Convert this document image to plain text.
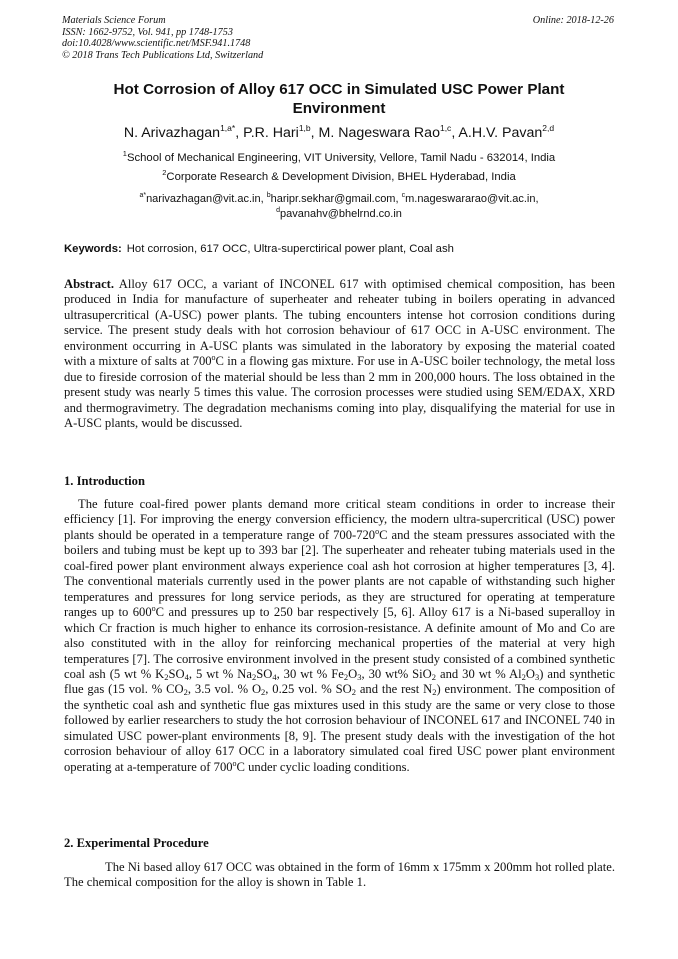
Materials Science Forum
ISSN: 1662-9752, Vol. 941, pp 1748-1753
doi:10.4028/www.scientific.net/MSF.941.1748
© 2018 Trans Tech Publications Ltd, Switzerland
Online: 2018-12-26
Hot Corrosion of Alloy 617 OCC in Simulated USC Power Plant Environment
N. Arivazhagan$^{1,a*}$, P.R. Hari$^{1,b}$, M. Nageswara Rao$^{1,c}$, A.H.V. Pavan$^{2,d}$
$^1$School of Mechanical Engineering, VIT University, Vellore, Tamil Nadu - 632014, India
$^2$Corporate Research & Development Division, BHEL Hyderabad, India
$^{a*}$narivazhagan@vit.ac.in, $^b$haripr.sekhar@gmail.com, $^c$m.nageswararao@vit.ac.in,
$^d$pavanahv@bhelrnd.co.in
Keywords: Hot corrosion, 617 OCC, Ultra-superctirical power plant, Coal ash

Abstract. Alloy 617 OCC, a variant of INCONEL 617 with optimised chemical composition, has been produced in India for manufacture of superheater and reheater tubing in boilers operating in advanced ultrasupercritical (A-USC) power plants. The tubing encounters intense hot corrosion conditions during service. The present study deals with hot corrosion behaviour of 617 OCC in A-USC environment. The environment occurring in A-USC plants was simulated in the laboratory by exposing the material coated with a mixture of salts at 700$^o$C in a flowing gas mixture. For use in A-USC boiler technology, the metal loss due to fireside corrosion of the material should be less than 2 mm in 200,000 hours. The loss obtained in the present study was nearly 5 times this value. The corrosion processes were studied using SEM/EDAX, XRD and thermogravimetry. The degradation mechanisms coming into play, disqualifying the material for use in A-USC plants, would be discussed.

1. Introduction

The future coal-fired power plants demand more critical steam conditions in order to increase their efficiency [1]. For improving the energy conversion efficiency, the modern ultra-supercritical (USC) power plants should be operated in a temperature range of 700-720$^o$C and the steam pressures associated with the boilers and tubing must be kept up to 393 bar [2]. The superheater and reheater tubing materials used in the coal-fired power plant environment always experience coal ash hot corrosion at higher temperatures [3, 4]. The conventional materials currently used in the power plants are not capable of withstanding such higher temperatures and pressures for long service periods, as they are structured for operating at temperature ranges up to 600$^o$C and pressures up to 250 bar respectively [5, 6]. Alloy 617 is a Ni-based superalloy in which Cr fraction is much higher to enhance its corrosion-resistance. A definite amount of Mo and Co are also constituted with in the alloy for reinforcing mechanical properties of the material at very high temperatures [7]. The corrosive environment involved in the present study consisted of a combined synthetic coal ash (5 wt % $K_2SO_4$, 5 wt % $Na_2SO_4$, 30 wt % $Fe_2O_3$, 30 wt% SiO$_2$ and 30 wt % $Al_2O_3$) and synthetic flue gas (15 vol. % $CO_2$, 3.5 vol. % $O_2$, 0.25 vol. % $SO_2$ and the rest $N_2$) environment. The composition of the synthetic coal ash and synthetic flue gas mixtures used in this study are the same or very close to those followed by earlier researchers to study the hot corrosion behaviour of INCONEL 617 and INCONEL 740 in simulated USC power-plant environments [8, 9]. The present study deals with the investigation of the hot corrosion behaviour of alloy 617 OCC in a laboratory simulated coal fired USC power plant environment operating at a-temperature of 700$^o$C under cyclic loading conditions.

2. Experimental Procedure

The Ni based alloy 617 OCC was obtained in the form of 16mm x 175mm x 200mm hot rolled plate. The chemical composition for the alloy is shown in Table 1.
